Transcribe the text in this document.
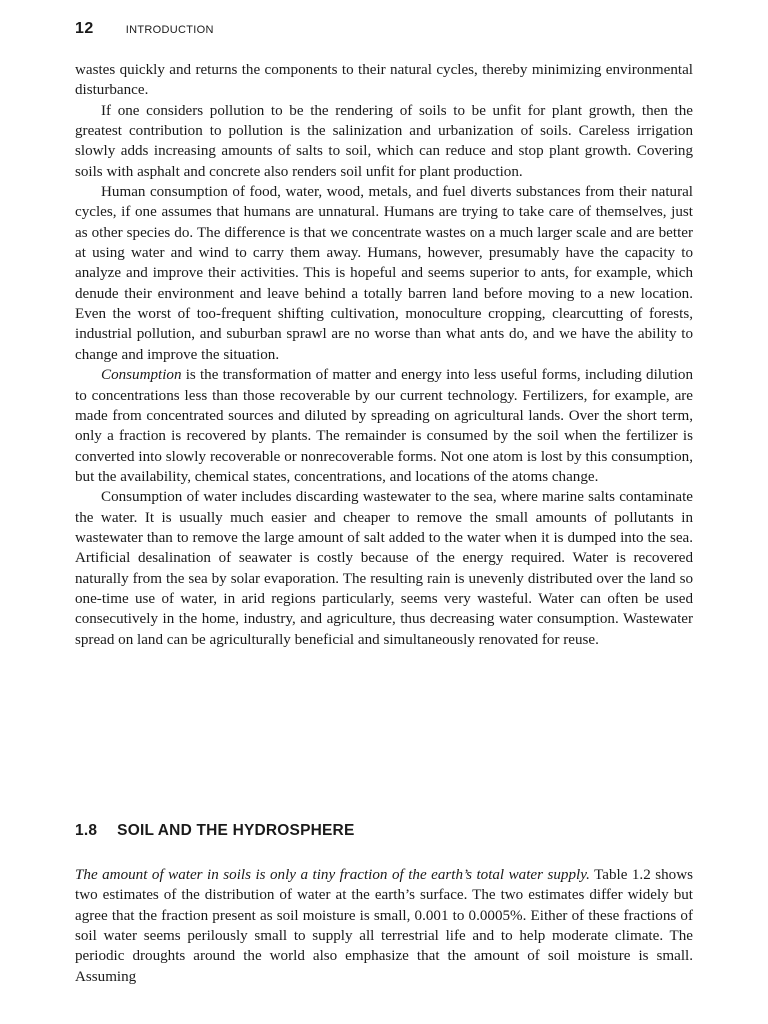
12	INTRODUCTION

wastes quickly and returns the components to their natural cycles, thereby minimizing environmental disturbance.

If one considers pollution to be the rendering of soils to be unfit for plant growth, then the greatest contribution to pollution is the salinization and urbanization of soils. Careless irrigation slowly adds increasing amounts of salts to soil, which can reduce and stop plant growth. Covering soils with asphalt and concrete also renders soil unfit for plant production.

Human consumption of food, water, wood, metals, and fuel diverts substances from their natural cycles, if one assumes that humans are unnatural. Humans are trying to take care of themselves, just as other species do. The difference is that we concentrate wastes on a much larger scale and are better at using water and wind to carry them away. Humans, however, presumably have the capacity to analyze and improve their activities. This is hopeful and seems superior to ants, for example, which denude their environment and leave behind a totally barren land before moving to a new location. Even the worst of too-frequent shifting cultivation, monoculture cropping, clearcutting of forests, industrial pollution, and suburban sprawl are no worse than what ants do, and we have the ability to change and improve the situation.

Consumption is the transformation of matter and energy into less useful forms, including dilution to concentrations less than those recoverable by our current technology. Fertilizers, for example, are made from concentrated sources and diluted by spreading on agricultural lands. Over the short term, only a fraction is recovered by plants. The remainder is consumed by the soil when the fertilizer is converted into slowly recoverable or nonrecoverable forms. Not one atom is lost by this consumption, but the availability, chemical states, concentrations, and locations of the atoms change.

Consumption of water includes discarding wastewater to the sea, where marine salts contaminate the water. It is usually much easier and cheaper to remove the small amounts of pollutants in wastewater than to remove the large amount of salt added to the water when it is dumped into the sea. Artificial desalination of seawater is costly because of the energy required. Water is recovered naturally from the sea by solar evaporation. The resulting rain is unevenly distributed over the land so one-time use of water, in arid regions particularly, seems very wasteful. Water can often be used consecutively in the home, industry, and agriculture, thus decreasing water consumption. Wastewater spread on land can be agriculturally beneficial and simultaneously renovated for reuse.

1.8 SOIL AND THE HYDROSPHERE

The amount of water in soils is only a tiny fraction of the earth’s total water supply. Table 1.2 shows two estimates of the distribution of water at the earth’s surface. The two estimates differ widely but agree that the fraction present as soil moisture is small, 0.001 to 0.0005%. Either of these fractions of soil water seems perilously small to supply all terrestrial life and to help moderate climate. The periodic droughts around the world also emphasize that the amount of soil moisture is small. Assuming
